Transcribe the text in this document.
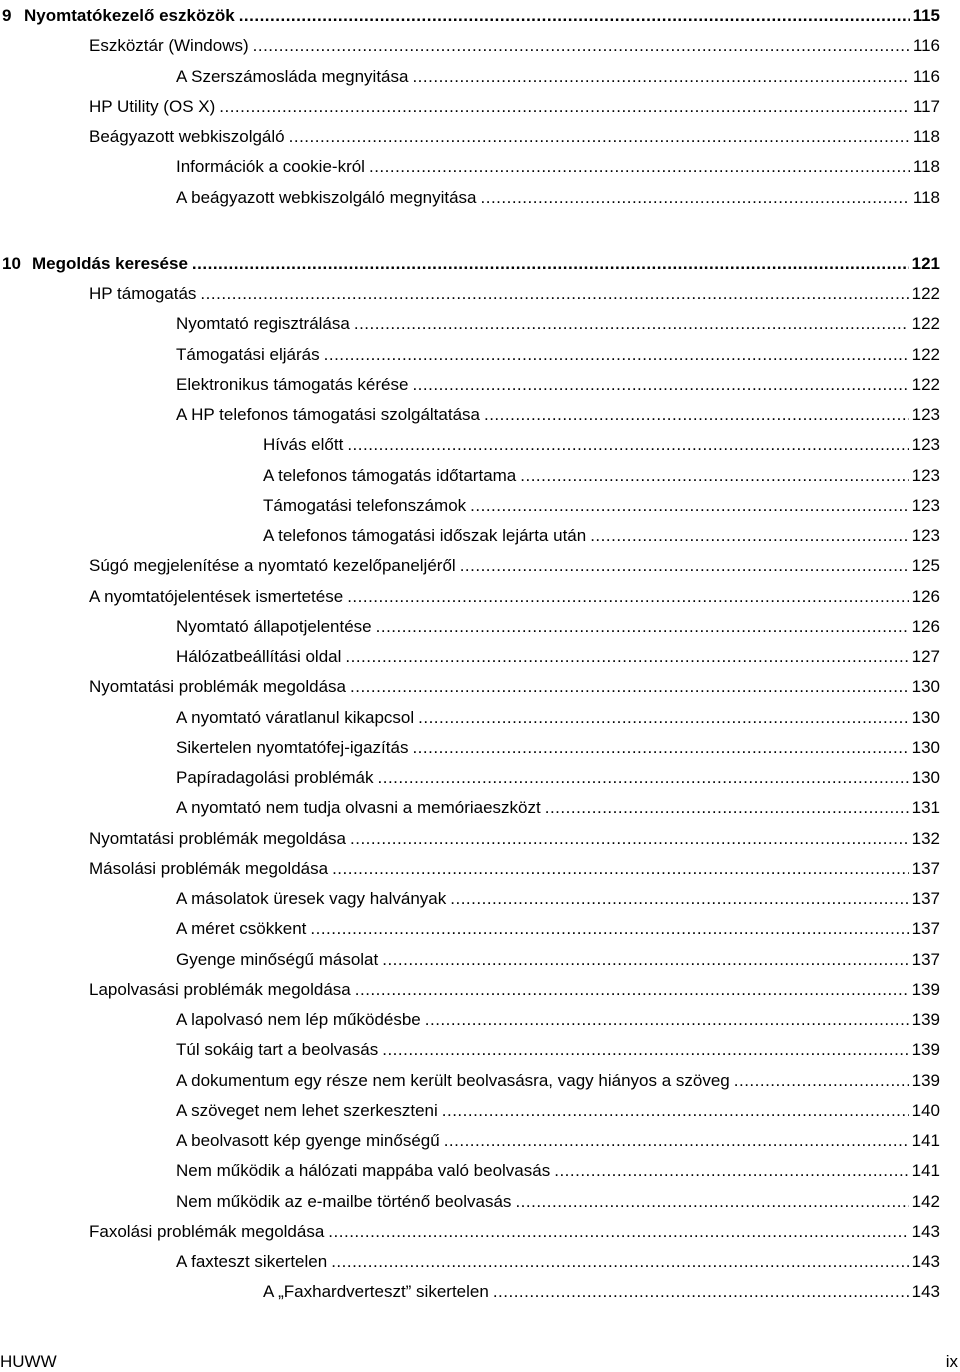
9 Nyomtatókezelő eszközök .....	115
Eszköztár (Windows) .....	116
A Szerszámosláda megnyitása .....	116
HP Utility (OS X) .....	117
Beágyazott webkiszolgáló .....	118
Információk a cookie-król .....	118
A beágyazott webkiszolgáló megnyitása .....	118
10 Megoldás keresése .....	121
HP támogatás .....	122
Nyomtató regisztrálása .....	122
Támogatási eljárás .....	122
Elektronikus támogatás kérése .....	122
A HP telefonos támogatási szolgáltatása .....	123
Hívás előtt .....	123
A telefonos támogatás időtartama .....	123
Támogatási telefonszámok .....	123
A telefonos támogatási időszak lejárta után .....	123
Súgó megjelenítése a nyomtató kezelőpaneljéről .....	125
A nyomtatójelentések ismertetése .....	126
Nyomtató állapotjelentése .....	126
Hálózatbeállítási oldal .....	127
Nyomtatási problémák megoldása .....	130
A nyomtató váratlanul kikapcsol .....	130
Sikertelen nyomtatófej-igazítás .....	130
Papíradagolási problémák .....	130
A nyomtató nem tudja olvasni a memóriaeszközt .....	131
Nyomtatási problémák megoldása .....	132
Másolási problémák megoldása .....	137
A másolatok üresek vagy halványak .....	137
A méret csökkent .....	137
Gyenge minőségű másolat .....	137
Lapolvasási problémák megoldása .....	139
A lapolvasó nem lép működésbe .....	139
Túl sokáig tart a beolvasás .....	139
A dokumentum egy része nem került beolvasásra, vagy hiányos a szöveg .....	139
A szöveget nem lehet szerkeszteni .....	140
A beolvasott kép gyenge minőségű .....	141
Nem működik a hálózati mappába való beolvasás .....	141
Nem működik az e-mailbe történő beolvasás .....	142
Faxolási problémák megoldása .....	143
A faxteszt sikertelen .....	143
A „Faxhardverteszt” sikertelen .....	143
HUWW	ix
